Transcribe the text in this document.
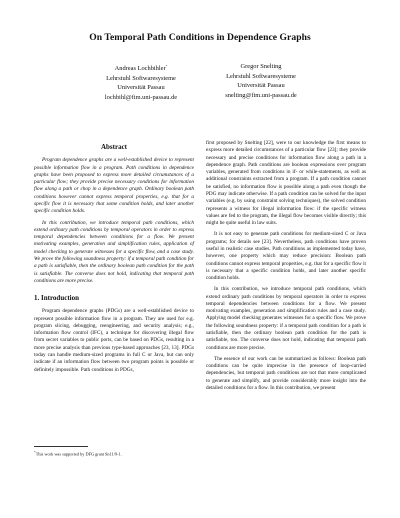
On Temporal Path Conditions in Dependence Graphs
Andreas Lochbihler*
Lehrstuhl Softwaresysteme
Universität Passau
lochbihl@fim.uni-passau.de
Gregor Snelting
Lehrstuhl Softwaresysteme
Universität Passau
snelting@fim.uni-passau.de
Abstract

Program dependence graphs are a well-established device to represent possible information flow in a program. Path conditions in dependence graphs have been proposed to express more detailed circumstances of a particular flow; they provide precise necessary conditions for information flow along a path or chop in a dependence graph. Ordinary boolean path conditions however cannot express temporal properties, e.g. that for a specific flow it is necessary that some condition holds, and later another specific condition holds.

In this contribution, we introduce temporal path conditions, which extend ordinary path conditions by temporal operators in order to express temporal dependencies between conditions for a flow. We present motivating examples, generation and simplification rules, application of model checking to generate witnesses for a specific flow, and a case study. We prove the following soundness property: if a temporal path condition for a path is satisfiable, then the ordinary boolean path condition for the path is satisfiable. The converse does not hold, indicating that temporal path conditions are more precise.

1. Introduction

Program dependence graphs (PDGs) are a well-established device to represent possible information flow in a program. They are used for e.g. program slicing, debugging, reengineering, and security analysis; e.g., information flow control (IFC), a technique for discovering illegal flow from secret variables to public ports, can be based on PDGs, resulting in a more precise analysis than previous type-based approaches [23, 13]. PDGs today can handle medium-sized programs in full C or Java, but can only indicate if an information flow between two program points is possible or definitely impossible. Path conditions in PDGs,

*This work was supported by DFG grant Sn11/9-1.

first proposed by Snelting [22], were to our knowledge the first means to express more detailed circumstances of a particular flow [23]; they provide necessary and precise conditions for information flow along a path in a dependence graph. Path conditions are boolean expressions over program variables, generated from conditions in if- or while-statements, as well as additional constraints extracted from a program. If a path condition cannot be satisfied, no information flow is possible along a path even though the PDG may indicate otherwise. If a path condition can be solved for the input variables (e.g. by using constraint solving techniques), the solved condition represents a witness for illegal information flow: if the specific witness values are fed to the program, the illegal flow becomes visible directly; this might be quite useful in law suits.

It is not easy to generate path conditions for medium-sized C or Java programs; for details see [23]. Nevertheless, path conditions have proven useful in realistic case studies. Path conditions as implemented today have, however, one property which may reduce precision: Boolean path conditions cannot express temporal properties, e.g. that for a specific flow it is necessary that a specific condition holds, and later another specific condition holds.

In this contribution, we introduce temporal path conditions, which extend ordinary path conditions by temporal operators in order to express temporal dependencies between conditions for a flow. We present motivating examples, generation and simplification rules and a case study. Applying model checking generates witnesses for a specific flow. We prove the following soundness property: if a temporal path condition for a path is satisfiable, then the ordinary boolean path condition for the path is satisfiable, too. The converse does not hold, indicating that temporal path conditions are more precise.

The essence of our work can be summarized as follows: Boolean path conditions can be quite imprecise in the presence of loop-carried dependencies, but temporal path conditions are not that more complicated to generate and simplify, and provide considerably more insight into the detailed conditions for a flow. In this contribution, we present
